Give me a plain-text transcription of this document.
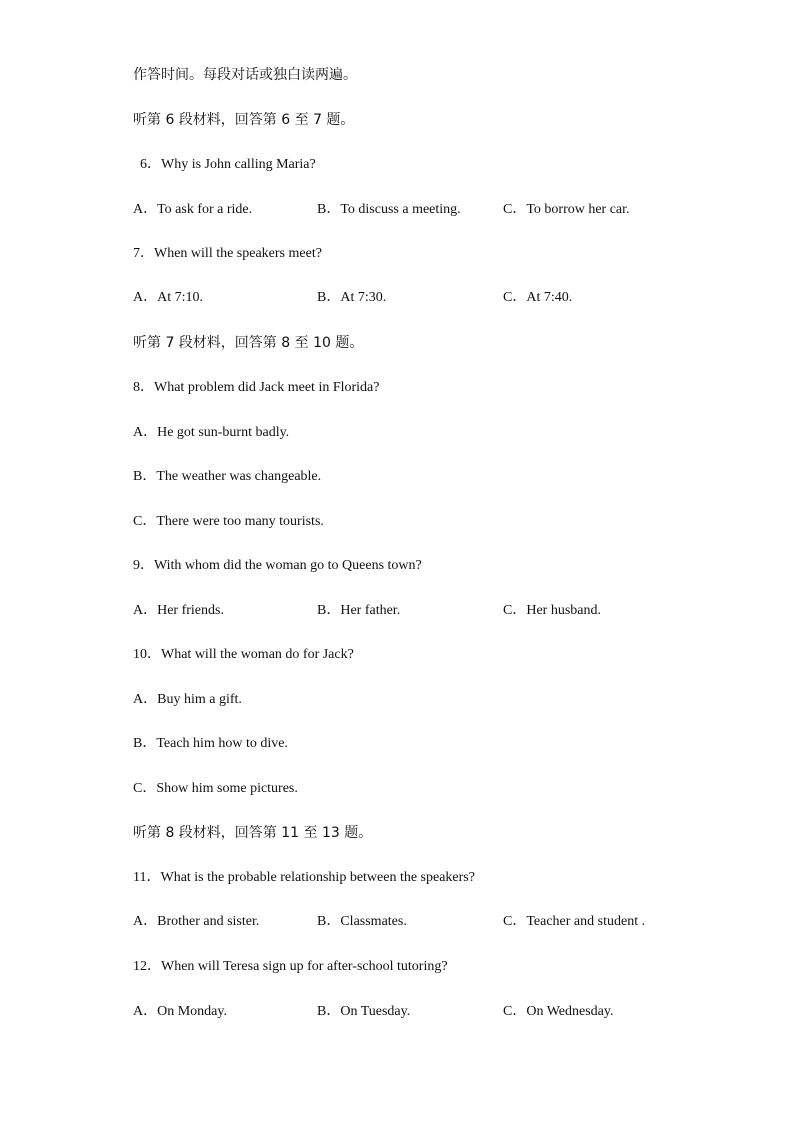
作答时间。每段对话或独白读两遍。
听第 6 段材料，回答第 6 至 7 题。
6．Why is John calling Maria?
A．To ask for a ride.	B．To discuss a meeting.	C．To borrow her car.
7．When will the speakers meet?
A．At 7:10.	B．At 7:30.	C．At 7:40.
听第 7 段材料，回答第 8 至 10 题。
8．What problem did Jack meet in Florida?
A．He got sun-burnt badly.
B．The weather was changeable.
C．There were too many tourists.
9．With whom did the woman go to Queens town?
A．Her friends.	B．Her father.	C．Her husband.
10．What will the woman do for Jack?
A．Buy him a gift.
B．Teach him how to dive.
C．Show him some pictures.
听第 8 段材料，回答第 11 至 13 题。
11．What is the probable relationship between the speakers?
A．Brother and sister.	B．Classmates.	C．Teacher and student .
12．When will Teresa sign up for after-school tutoring?
A．On Monday.	B．On Tuesday.	C．On Wednesday.
